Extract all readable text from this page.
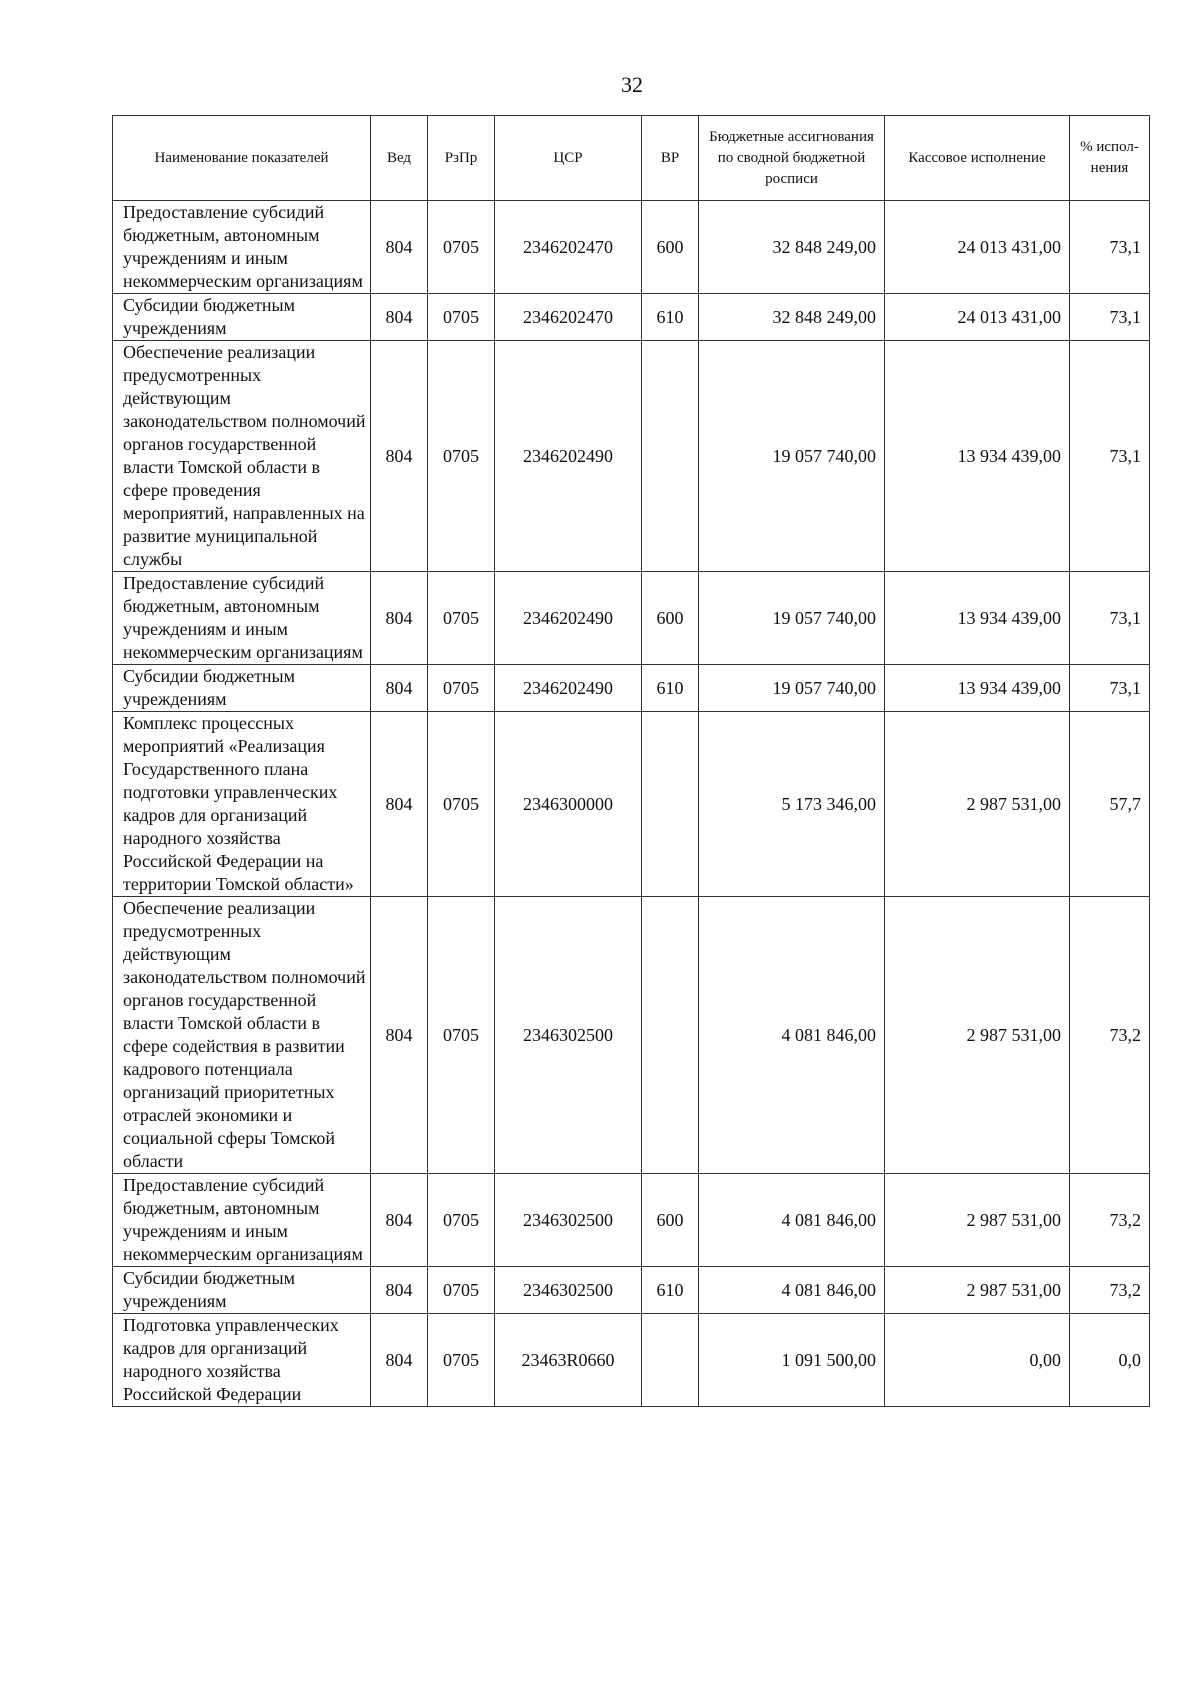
32
Наименование показателей	Вед	РзПр	ЦСР	ВР	Бюджетные ассигнования по сводной бюджетной росписи	Кассовое исполнение	% испол- нения
Предоставление субсидий бюджетным, автономным учреждениям и иным некоммерческим организациям	804	0705	2346202470	600	32 848 249,00	24 013 431,00	73,1
Субсидии бюджетным учреждениям	804	0705	2346202470	610	32 848 249,00	24 013 431,00	73,1
Обеспечение реализации предусмотренных действующим законодательством полномочий органов государственной власти Томской области в сфере проведения мероприятий, направленных на развитие муниципальной службы	804	0705	2346202490		19 057 740,00	13 934 439,00	73,1
Предоставление субсидий бюджетным, автономным учреждениям и иным некоммерческим организациям	804	0705	2346202490	600	19 057 740,00	13 934 439,00	73,1
Субсидии бюджетным учреждениям	804	0705	2346202490	610	19 057 740,00	13 934 439,00	73,1
Комплекс процессных мероприятий «Реализация Государственного плана подготовки управленческих кадров для организаций народного хозяйства Российской Федерации на территории Томской области»	804	0705	2346300000		5 173 346,00	2 987 531,00	57,7
Обеспечение реализации предусмотренных действующим законодательством полномочий органов государственной власти Томской области в сфере содействия в развитии кадрового потенциала организаций приоритетных отраслей экономики и социальной сферы Томской области	804	0705	2346302500		4 081 846,00	2 987 531,00	73,2
Предоставление субсидий бюджетным, автономным учреждениям и иным некоммерческим организациям	804	0705	2346302500	600	4 081 846,00	2 987 531,00	73,2
Субсидии бюджетным учреждениям	804	0705	2346302500	610	4 081 846,00	2 987 531,00	73,2
Подготовка управленческих кадров для организаций народного хозяйства Российской Федерации	804	0705	23463R0660		1 091 500,00	0,00	0,0
